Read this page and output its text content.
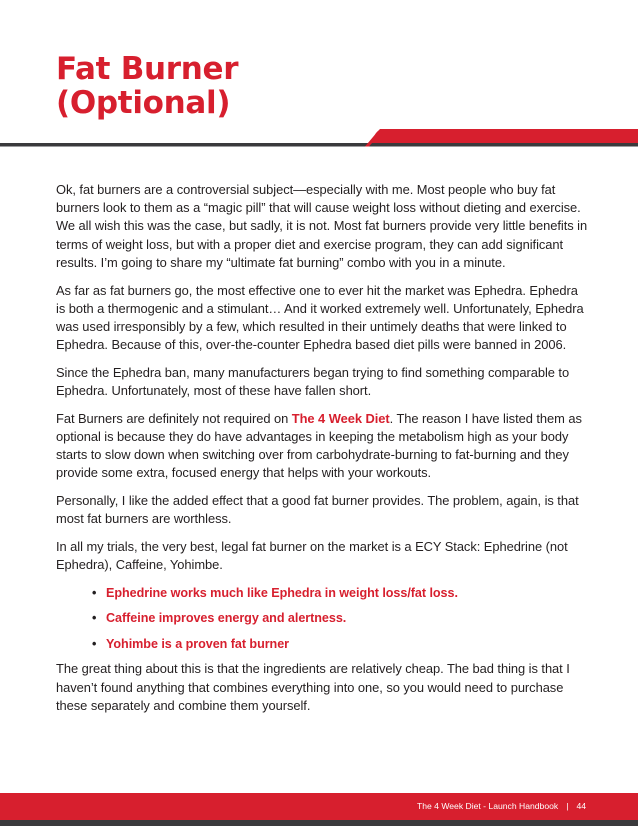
Fat Burner
(Optional)

Ok, fat burners are a controversial subject—especially with me. Most people who buy fat burners look to them as a “magic pill” that will cause weight loss without dieting and exercise. We all wish this was the case, but sadly, it is not. Most fat burners provide very little benefits in terms of weight loss, but with a proper diet and exercise program, they can add significant results. I’m going to share my “ultimate fat burning” combo with you in a minute.

As far as fat burners go, the most effective one to ever hit the market was Ephedra. Ephedra is both a thermogenic and a stimulant… And it worked extremely well. Unfortunately, Ephedra was used irresponsibly by a few, which resulted in their untimely deaths that were linked to Ephedra. Because of this, over-the-counter Ephedra based diet pills were banned in 2006.

Since the Ephedra ban, many manufacturers began trying to find something comparable to Ephedra. Unfortunately, most of these have fallen short.

Fat Burners are definitely not required on The 4 Week Diet. The reason I have listed them as optional is because they do have advantages in keeping the metabolism high as your body starts to slow down when switching over from carbohydrate-burning to fat-burning and they provide some extra, focused energy that helps with your workouts.

Personally, I like the added effect that a good fat burner provides. The problem, again, is that most fat burners are worthless.

In all my trials, the very best, legal fat burner on the market is a ECY Stack: Ephedrine (not Ephedra), Caffeine, Yohimbe.

• Ephedrine works much like Ephedra in weight loss/fat loss.
• Caffeine improves energy and alertness.
• Yohimbe is a proven fat burner

The great thing about this is that the ingredients are relatively cheap. The bad thing is that I haven’t found anything that combines everything into one, so you would need to purchase these separately and combine them yourself.

The 4 Week Diet - Launch Handbook | 44
